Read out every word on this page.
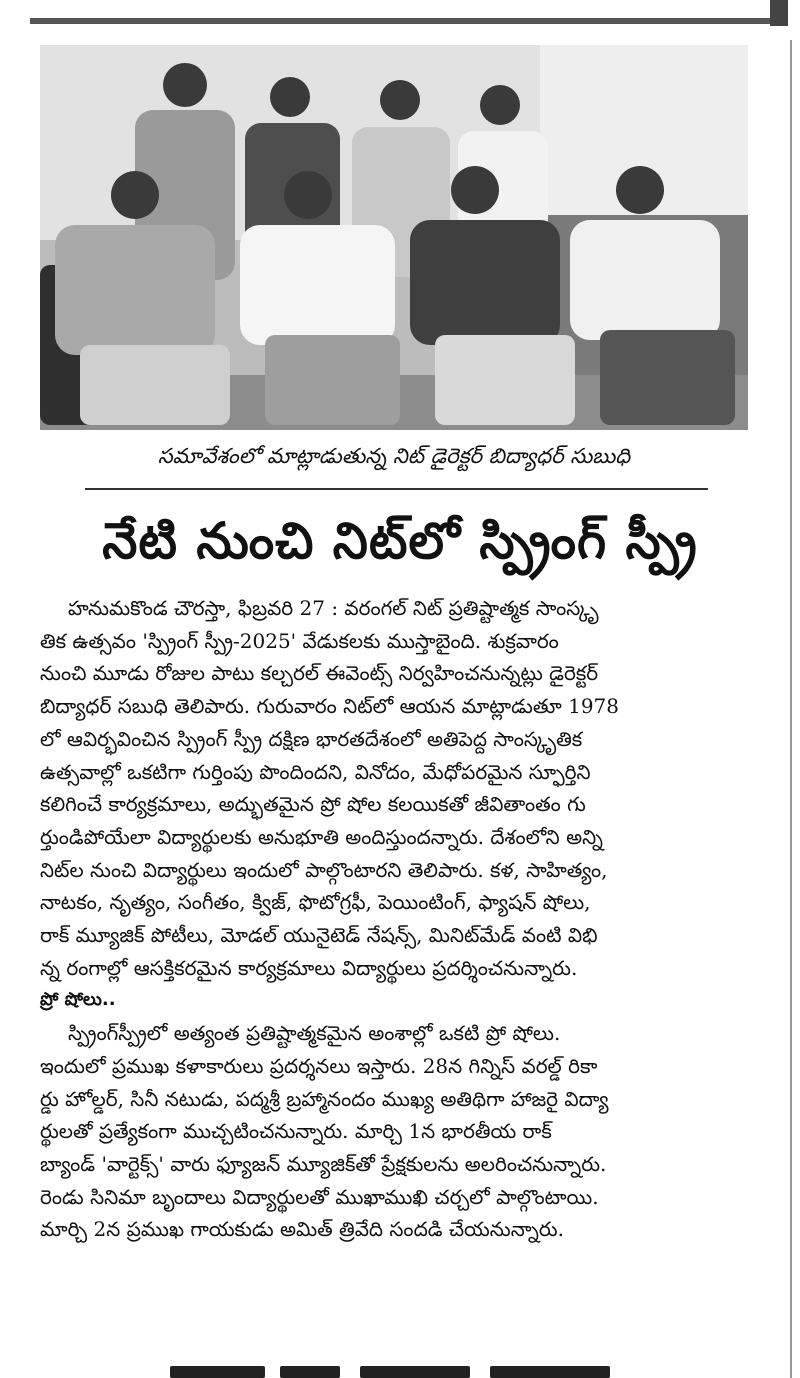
సమావేశంలో మాట్లాడుతున్న నిట్ డైరెక్టర్ బిద్యాధర్ సుబుధి
నేటి నుంచి నిట్‌లో స్ప్రింగ్ స్ప్రీ

హనుమకొండ చౌరస్తా, ఫిబ్రవరి 27 : వరంగల్ నిట్ ప్రతిష్టాత్మక సాంస్కృ

తిక ఉత్సవం 'స్ప్రింగ్ స్ప్రీ-2025' వేడుకలకు ముస్తాబైంది. శుక్రవారం

నుంచి మూడు రోజుల పాటు కల్చరల్ ఈవెంట్స్ నిర్వహించనున్నట్లు డైరెక్టర్

బిద్యాధర్ సబుధి తెలిపారు. గురువారం నిట్‌లో ఆయన మాట్లాడుతూ 1978

లో ఆవిర్భవించిన స్ప్రింగ్ స్ప్రీ దక్షిణ భారతదేశంలో అతిపెద్ద సాంస్కృతిక

ఉత్సవాల్లో ఒకటిగా గుర్తింపు పొందిందని, వినోదం, మేధోపరమైన స్ఫూర్తిని

కలిగించే కార్యక్రమాలు, అద్భుతమైన ప్రో షోల కలయికతో జీవితాంతం గు

ర్తుండిపోయేలా విద్యార్థులకు అనుభూతి అందిస్తుందన్నారు. దేశంలోని అన్ని

నిట్‌ల నుంచి విద్యార్థులు ఇందులో పాల్గొంటారని తెలిపారు. కళ, సాహిత్యం,

నాటకం, నృత్యం, సంగీతం, క్విజ్, ఫొటోగ్రఫీ, పెయింటింగ్, ఫ్యాషన్ షోలు,

రాక్ మ్యూజిక్ పోటీలు, మోడల్ యునైటెడ్ నేషన్స్, మినిట్‌మేడ్ వంటి విభి

న్న రంగాల్లో ఆసక్తికరమైన కార్యక్రమాలు విద్యార్థులు ప్రదర్శించనున్నారు.

ప్రో షోలు..

స్ప్రింగ్‌స్ప్రీలో అత్యంత ప్రతిష్టాత్మకమైన అంశాల్లో ఒకటి ప్రో షోలు.

ఇందులో ప్రముఖ కళాకారులు ప్రదర్శనలు ఇస్తారు. 28న గిన్నిస్ వరల్డ్ రికా

ర్డు హోల్డర్, సినీ నటుడు, పద్మశ్రీ బ్రహ్మానందం ముఖ్య అతిథిగా హాజరై విద్యా

ర్థులతో ప్రత్యేకంగా ముచ్చటించనున్నారు. మార్చి 1న భారతీయ రాక్

బ్యాండ్ 'వార్టెక్స్' వారు ఫ్యూజన్ మ్యూజిక్‌తో ప్రేక్షకులను అలరించనున్నారు.

రెండు సినిమా బృందాలు విద్యార్థులతో ముఖాముఖి చర్చలో పాల్గొంటాయి.

మార్చి 2న ప్రముఖ గాయకుడు అమిత్ త్రివేది సందడి చేయనున్నారు.
